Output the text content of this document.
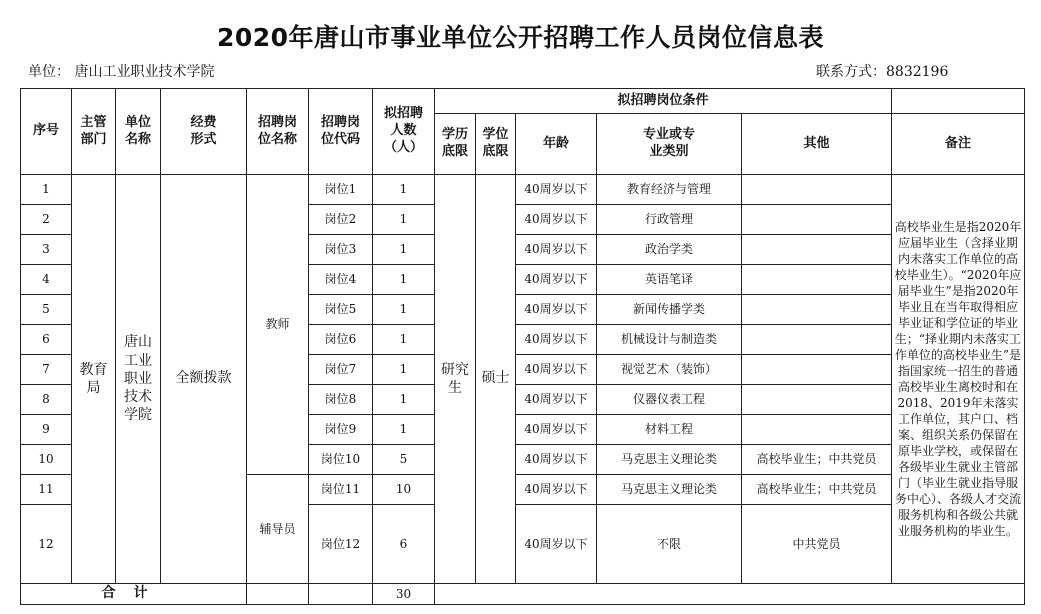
2020年唐山市事业单位公开招聘工作人员岗位信息表
单位： 唐山工业职业技术学院	联系方式：8832196
序号	主管部门	单位名称	经费形式	招聘岗位名称	招聘岗位代码	拟招聘人数（人）	拟招聘岗位条件					
							学历底限	学位底限	年龄	专业或专业类别	其他	备注
1	教育局	唐山工业职业技术学院	全额拨款	教师	岗位1	1	研究生	硕士	40周岁以下	教育经济与管理		高校毕业生是指2020年应届毕业生（含择业期内未落实工作单位的高校毕业生）。“2020年应届毕业生”是指2020年毕业且在当年取得相应毕业证和学位证的毕业生；“择业期内未落实工作单位的高校毕业生”是指国家统一招生的普通高校毕业生离校时和在2018、2019年未落实工作单位，其户口、档案、组织关系仍保留在原毕业学校，或保留在各级毕业生就业主管部门（毕业生就业指导服务中心）、各级人才交流服务机构和各级公共就业服务机构的毕业生。
2					岗位2	1			40周岁以下	行政管理		
3					岗位3	1			40周岁以下	政治学类		
4					岗位4	1			40周岁以下	英语笔译		
5					岗位5	1			40周岁以下	新闻传播学类		
6					岗位6	1			40周岁以下	机械设计与制造类		
7					岗位7	1			40周岁以下	视觉艺术（装饰）		
8					岗位8	1			40周岁以下	仪器仪表工程		
9					岗位9	1			40周岁以下	材料工程		
10					岗位10	5			40周岁以下	马克思主义理论类	高校毕业生；中共党员	
11				辅导员	岗位11	10			40周岁以下	马克思主义理论类	高校毕业生；中共党员	
12					岗位12	6			40周岁以下	不限	中共党员	
合计						30						
